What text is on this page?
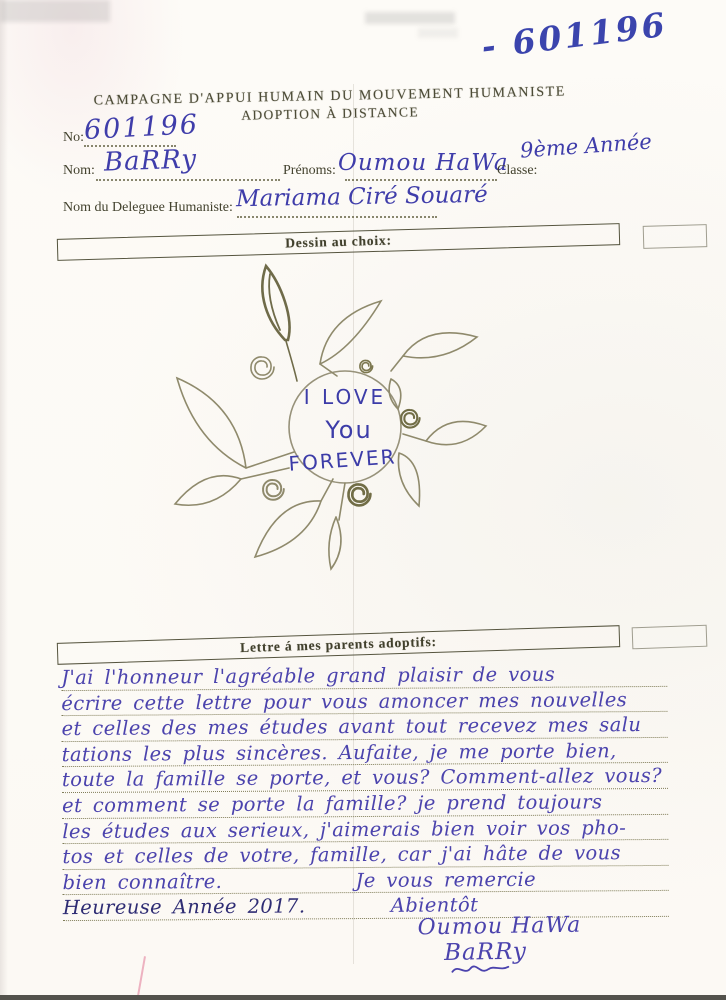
- 601196
CAMPAGNE D'APPUI HUMAIN DU MOUVEMENT HUMANISTE
ADOPTION À DISTANCE
No: 601196
Nom: BaRRy	Prénoms: Oumou HaWa
Classe:
9ème Année
Nom du Deleguee Humaniste: Mariama Ciré Souaré
Dessin au choix:
I LOVE
You
FOREVER
Lettre á mes parents adoptifs:
J'ai l'honneur l'agréable grand plaisir de vous
écrire cette lettre pour vous amoncer mes nouvelles
et celles des mes études avant tout recevez mes salu
tations les plus sincères. Aufaite, je me porte bien,
toute la famille se porte, et vous? Comment-allez vous?
et comment se porte la famille? je prend toujours
les études aux serieux, j'aimerais bien voir vos pho-
tos et celles de votre, famille, car j'ai hâte de vous
bien connaître.	Je vous remercie
Heureuse Année 2017.	Abientôt
Oumou HaWa
BaRRy
